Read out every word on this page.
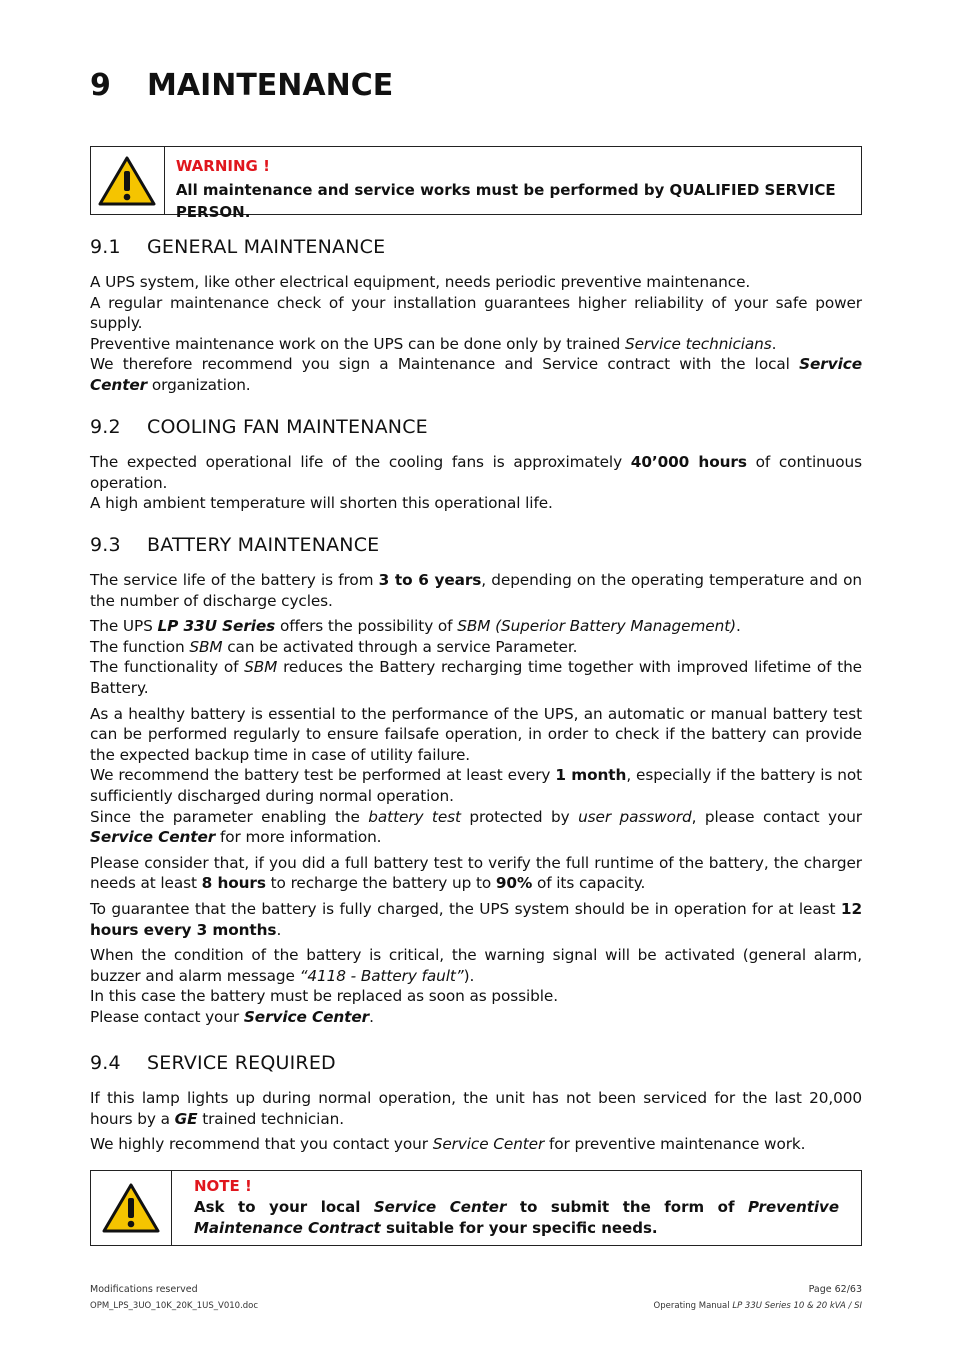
9 MAINTENANCE
WARNING !
All maintenance and service works must be performed by QUALIFIED SERVICE PERSON.
9.1 GENERAL MAINTENANCE
A UPS system, like other electrical equipment, needs periodic preventive maintenance.
A regular maintenance check of your installation guarantees higher reliability of your safe power supply.
Preventive maintenance work on the UPS can be done only by trained Service technicians.
We therefore recommend you sign a Maintenance and Service contract with the local Service Center organization.
9.2 COOLING FAN MAINTENANCE
The expected operational life of the cooling fans is approximately 40’000 hours of continuous operation.
A high ambient temperature will shorten this operational life.
9.3 BATTERY MAINTENANCE
The service life of the battery is from 3 to 6 years, depending on the operating temperature and on the number of discharge cycles.
The UPS LP 33U Series offers the possibility of SBM (Superior Battery Management).
The function SBM can be activated through a service Parameter.
The functionality of SBM reduces the Battery recharging time together with improved lifetime of the Battery.
As a healthy battery is essential to the performance of the UPS, an automatic or manual battery test can be performed regularly to ensure failsafe operation, in order to check if the battery can provide the expected backup time in case of utility failure.
We recommend the battery test be performed at least every 1 month, especially if the battery is not sufficiently discharged during normal operation.
Since the parameter enabling the battery test protected by user password, please contact your Service Center for more information.
Please consider that, if you did a full battery test to verify the full runtime of the battery, the charger needs at least 8 hours to recharge the battery up to 90% of its capacity.
To guarantee that the battery is fully charged, the UPS system should be in operation for at least 12 hours every 3 months.
When the condition of the battery is critical, the warning signal will be activated (general alarm, buzzer and alarm message “4118 - Battery fault”).
In this case the battery must be replaced as soon as possible.
Please contact your Service Center.
9.4 SERVICE REQUIRED
If this lamp lights up during normal operation, the unit has not been serviced for the last 20,000 hours by a GE trained technician.
We highly recommend that you contact your Service Center for preventive maintenance work.
NOTE !
Ask to your local Service Center to submit the form of Preventive Maintenance Contract suitable for your specific needs.
Modifications reserved
OPM_LPS_3UO_10K_20K_1US_V010.doc
Page 62/63
Operating Manual LP 33U Series 10 & 20 kVA / SI
